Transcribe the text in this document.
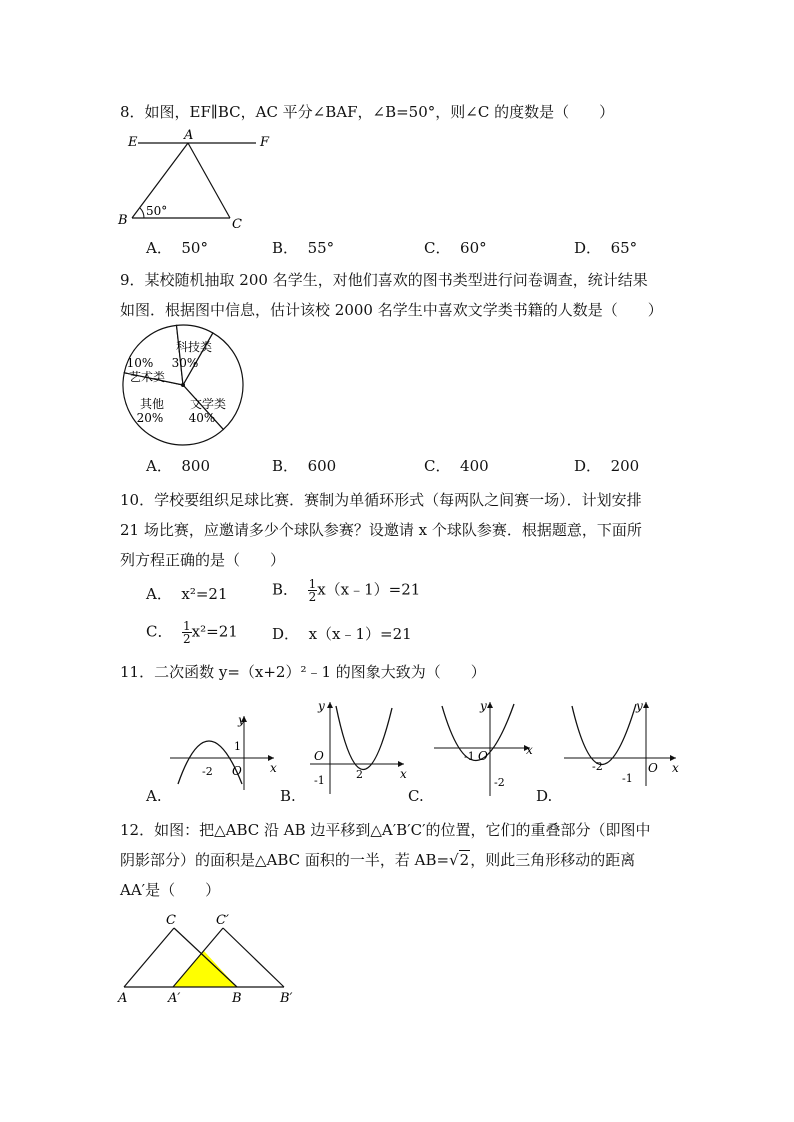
8．如图，EF∥BC，AC 平分∠BAF，∠B=50°，则∠C 的度数是（　　）
E	A	F
B	C
50°
A． 50°	B． 55°	C． 60°	D． 65°
9．某校随机抽取 200 名学生，对他们喜欢的图书类型进行问卷调查，统计结果
如图．根据图中信息，估计该校 2000 名学生中喜欢文学类书籍的人数是（　　）
科技类
30%
文学类
40%
其他
20%
10%
艺术类
A． 800	B． 600	C． 400	D． 200
10．学校要组织足球比赛．赛制为单循环形式（每两队之间赛一场）．计划安排
21 场比赛，应邀请多少个球队参赛？设邀请 x 个球队参赛．根据题意，下面所
列方程正确的是（　　）
A． x²=21	B． $\frac{1}{2}$ x（x﹣1）=21
C． $\frac{1}{2} x^2=21$ D． x（x﹣1）=21
11．二次函数 y=（x+2）²﹣1 的图象大致为（　　）
y
x
1
-2 O
A.
y
x
O
-1	2
B.
y
x
-1 O
-2
C.
y
x
-2	O
-1
D.
12．如图：把△ABC 沿 AB 边平移到△A′B′C′的位置，它们的重叠部分（即图中
阴影部分）的面积是△ABC 面积的一半，若 AB=√2，则此三角形移动的距离
AA′是（　　）
C	C′
A	A′	B	B′
